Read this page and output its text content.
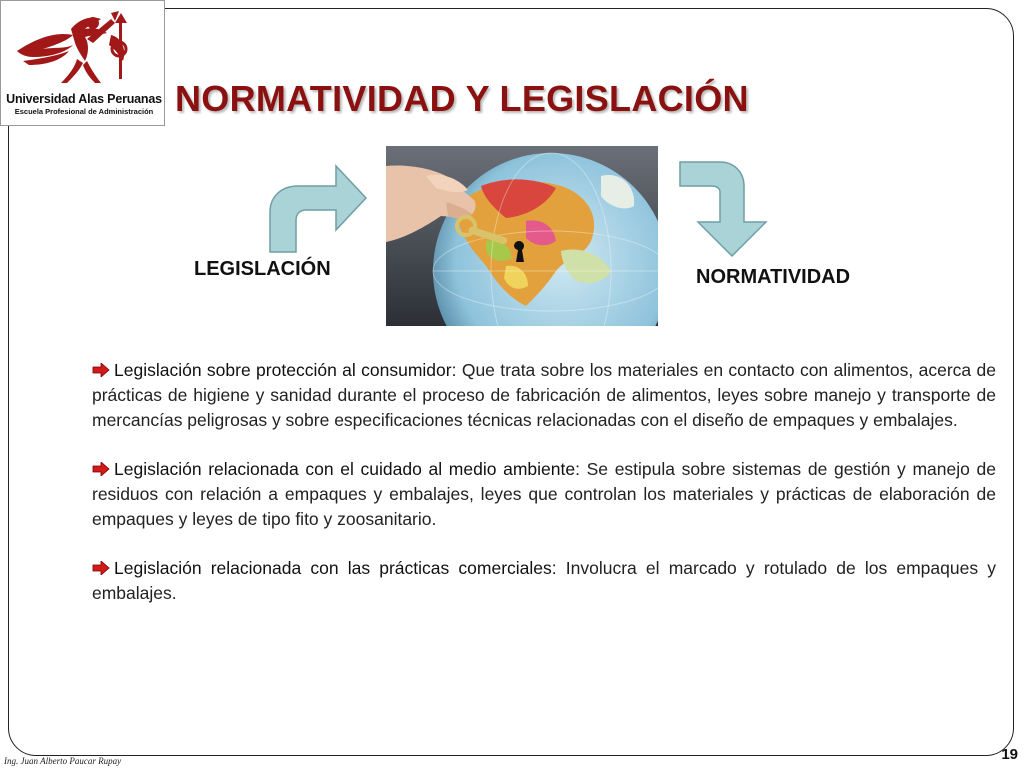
Universidad Alas Peruanas
Escuela Profesional de Administración NORMATIVIDAD Y LEGISLACIÓN
LEGISLACIÓN	NORMATIVIDAD

Legislación sobre protección al consumidor: Que trata sobre los materiales en contacto con alimentos, acerca de prácticas de higiene y sanidad durante el proceso de fabricación de alimentos, leyes sobre manejo y transporte de mercancías peligrosas y sobre especificaciones técnicas relacionadas con el diseño de empaques y embalajes.

Legislación relacionada con el cuidado al medio ambiente: Se estipula sobre sistemas de gestión y manejo de residuos con relación a empaques y embalajes, leyes que controlan los materiales y prácticas de elaboración de empaques y leyes de tipo fito y zoosanitario.

Legislación relacionada con las prácticas comerciales: Involucra el marcado y rotulado de los empaques y embalajes.

Ing. Juan Alberto Paucar Rupay	19
